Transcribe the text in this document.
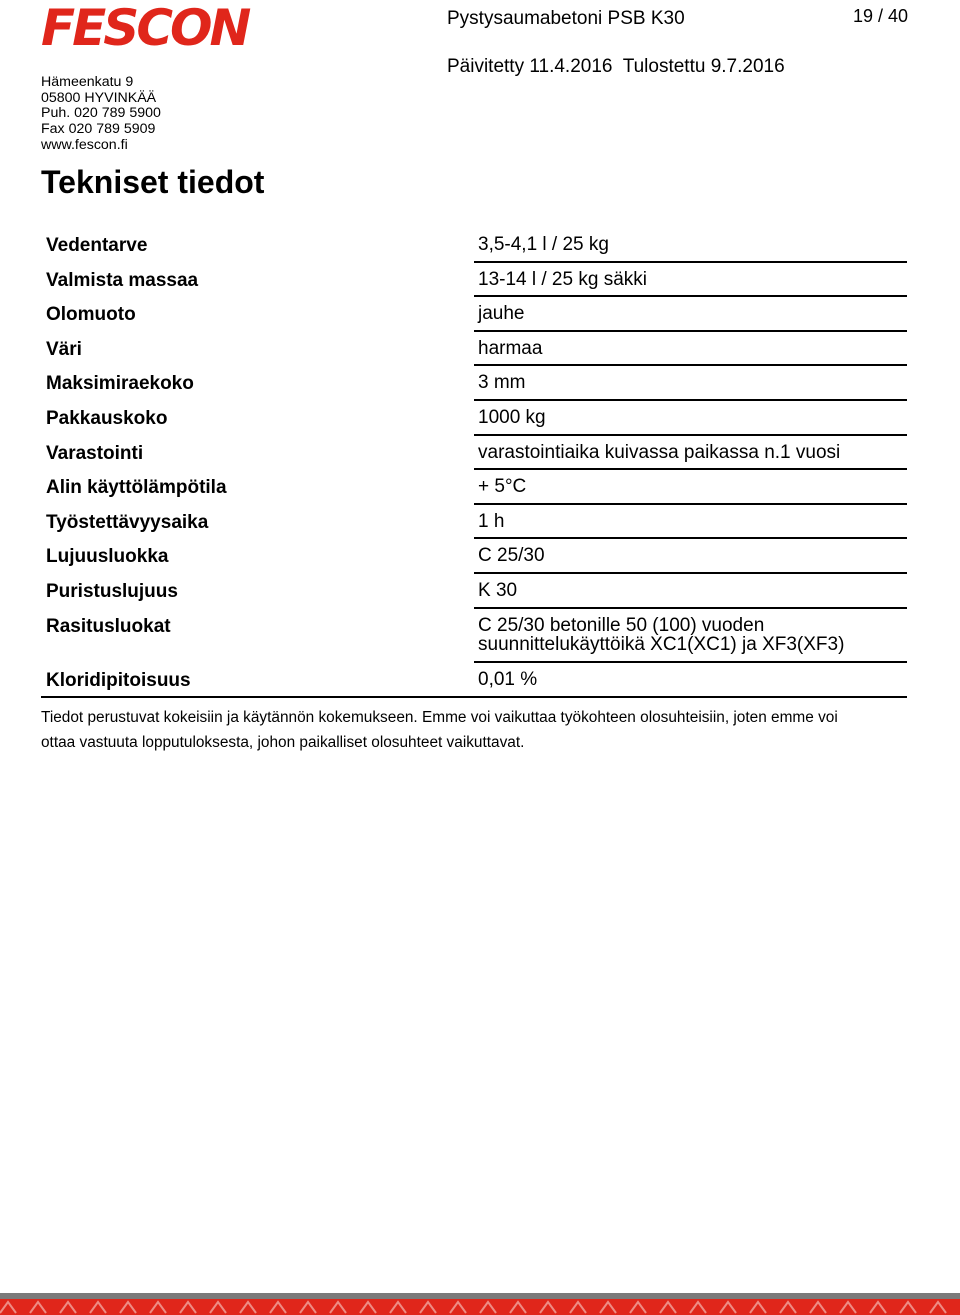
FESCON	Pystysaumabetoni PSB K30	19 / 40
Päivitetty 11.4.2016 Tulostettu 9.7.2016
Hämeenkatu 9
05800 HYVINKÄÄ
Puh. 020 789 5900
Fax 020 789 5909
www.fescon.fi
Tekniset tiedot
Vedentarve	3,5-4,1 l / 25 kg
Valmista massaa	13-14 l / 25 kg säkki
Olomuoto	jauhe
Väri	harmaa
Maksimiraekoko	3 mm
Pakkauskoko	1000 kg
Varastointi	varastointiaika kuivassa paikassa n.1 vuosi
Alin käyttölämpötila	+ 5°C
Työstettävyysaika	1 h
Lujuusluokka	C 25/30
Puristuslujuus	K 30
Rasitusluokat	C 25/30 betonille 50 (100) vuoden
suunnittelukäyttöikä XC1(XC1) ja XF3(XF3)
Kloridipitoisuus	0,01 %
Tiedot perustuvat kokeisiin ja käytännön kokemukseen. Emme voi vaikuttaa työkohteen olosuhteisiin, joten emme voi
ottaa vastuuta lopputuloksesta, johon paikalliset olosuhteet vaikuttavat.
